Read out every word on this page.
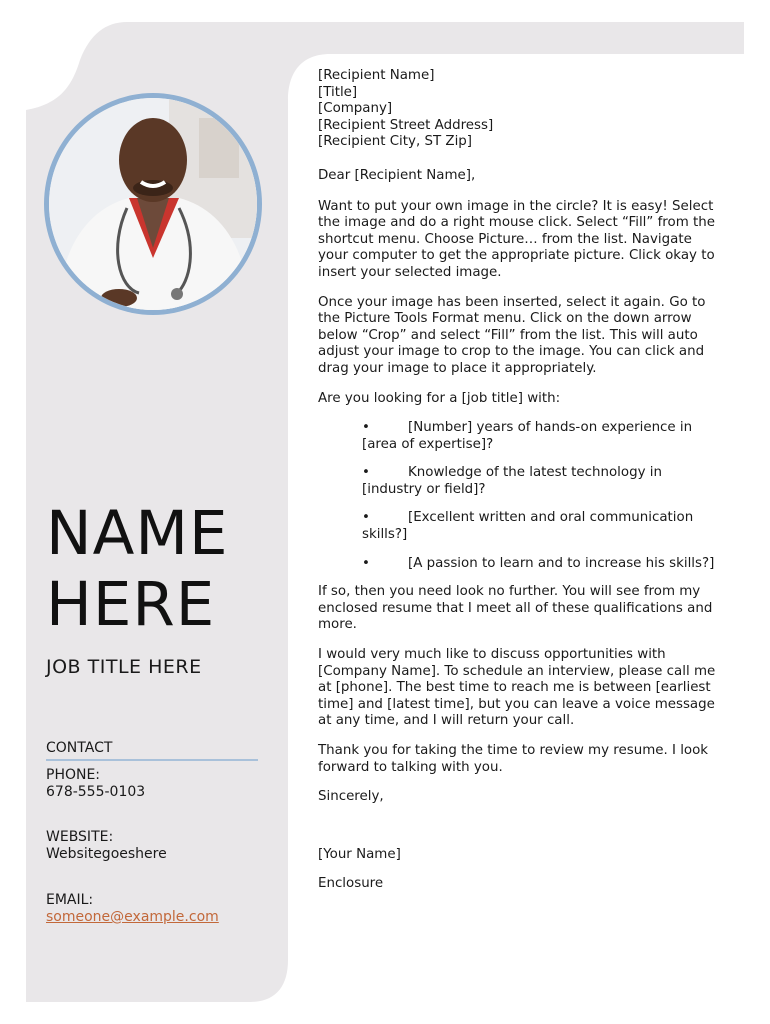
NAME
HERE
JOB TITLE HERE
CONTACT
PHONE:
678-555-0103
WEBSITE:
Websitegoeshere
EMAIL:
someone@example.com

[Recipient Name]
[Title]
[Company]
[Recipient Street Address]
[Recipient City, ST Zip]

Dear [Recipient Name],

Want to put your own image in the circle? It is easy! Select the image and do a right mouse click. Select “Fill” from the shortcut menu. Choose Picture… from the list. Navigate your computer to get the appropriate picture. Click okay to insert your selected image.

Once your image has been inserted, select it again. Go to the Picture Tools Format menu. Click on the down arrow below “Crop” and select “Fill” from the list. This will auto adjust your image to crop to the image. You can click and drag your image to place it appropriately.

Are you looking for a [job title] with:

•	[Number] years of hands-on experience in [area of expertise]?
•	Knowledge of the latest technology in [industry or field]?
•	[Excellent written and oral communication skills?]
•	[A passion to learn and to increase his skills?]

If so, then you need look no further. You will see from my enclosed resume that I meet all of these qualifications and more.

I would very much like to discuss opportunities with [Company Name]. To schedule an interview, please call me at [phone]. The best time to reach me is between [earliest time] and [latest time], but you can leave a voice message at any time, and I will return your call.

Thank you for taking the time to review my resume. I look forward to talking with you.

Sincerely,

[Your Name]

Enclosure
